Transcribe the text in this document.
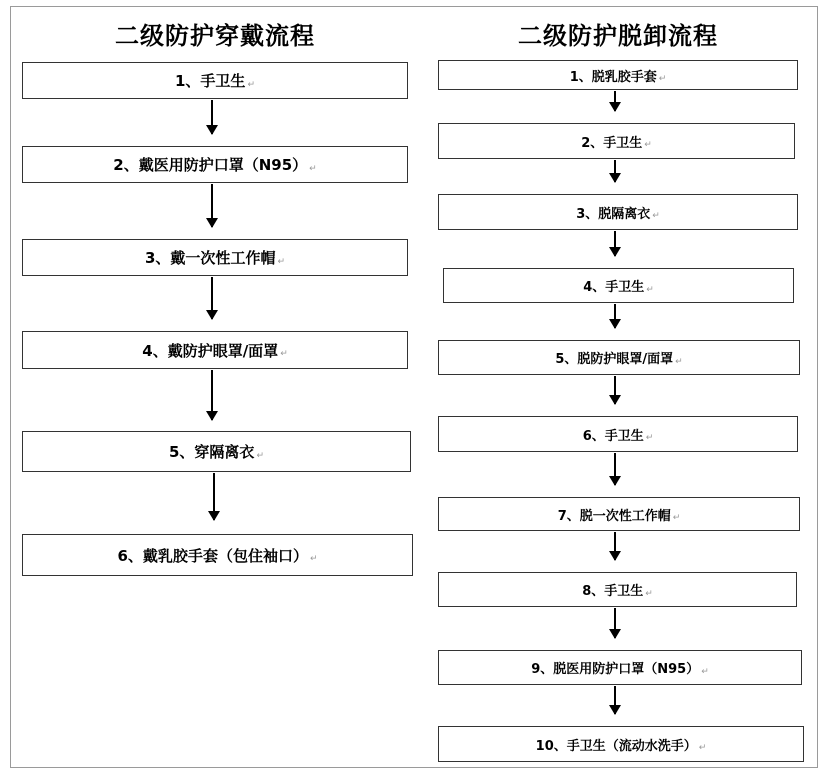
二级防护穿戴流程
1、手卫生 ↵
2、戴医用防护口罩（N95） ↵
3、戴一次性工作帽 ↵
4、戴防护眼罩/面罩 ↵
5、穿隔离衣 ↵
6、戴乳胶手套（包住袖口） ↵
二级防护脱卸流程
1、脱乳胶手套 ↵
2、手卫生 ↵
3、脱隔离衣 ↵
4、手卫生 ↵
5、脱防护眼罩/面罩 ↵
6、手卫生 ↵
7、脱一次性工作帽 ↵
8、手卫生 ↵
9、脱医用防护口罩（N95） ↵
10、手卫生（流动水洗手） ↵
